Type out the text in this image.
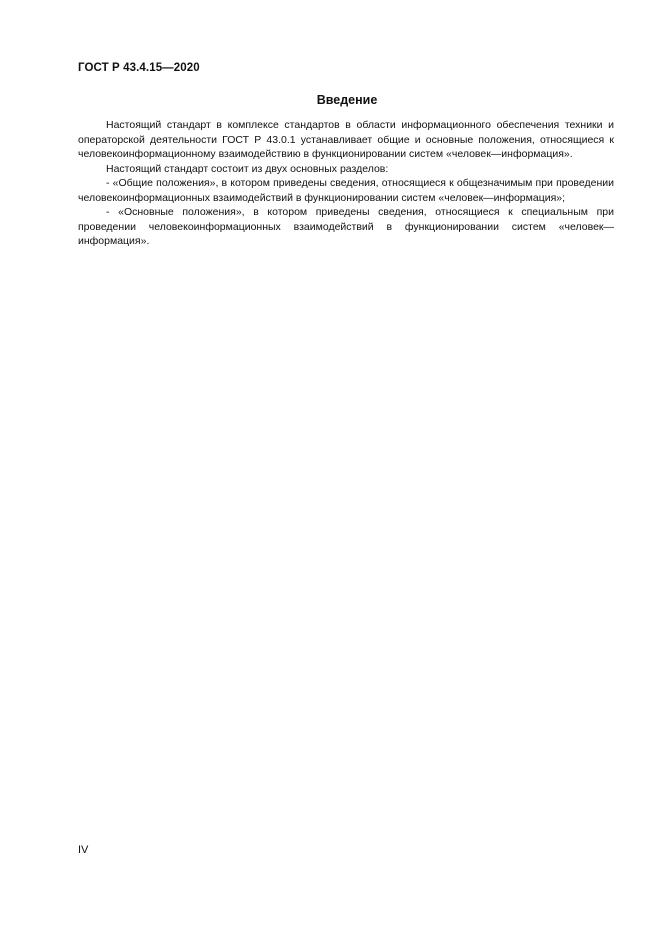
ГОСТ Р 43.4.15—2020
Введение

Настоящий стандарт в комплексе стандартов в области информационного обеспечения техники и операторской деятельности ГОСТ Р 43.0.1 устанавливает общие и основные положения, относящиеся к человекоинформационному взаимодействию в функционировании систем «человек—информация».

Настоящий стандарт состоит из двух основных разделов:

- «Общие положения», в котором приведены сведения, относящиеся к общезначимым при проведении человекоинформационных взаимодействий в функционировании систем «человек—информация»;

- «Основные положения», в котором приведены сведения, относящиеся к специальным при проведении человекоинформационных взаимодействий в функционировании систем «человек—информация».

IV
